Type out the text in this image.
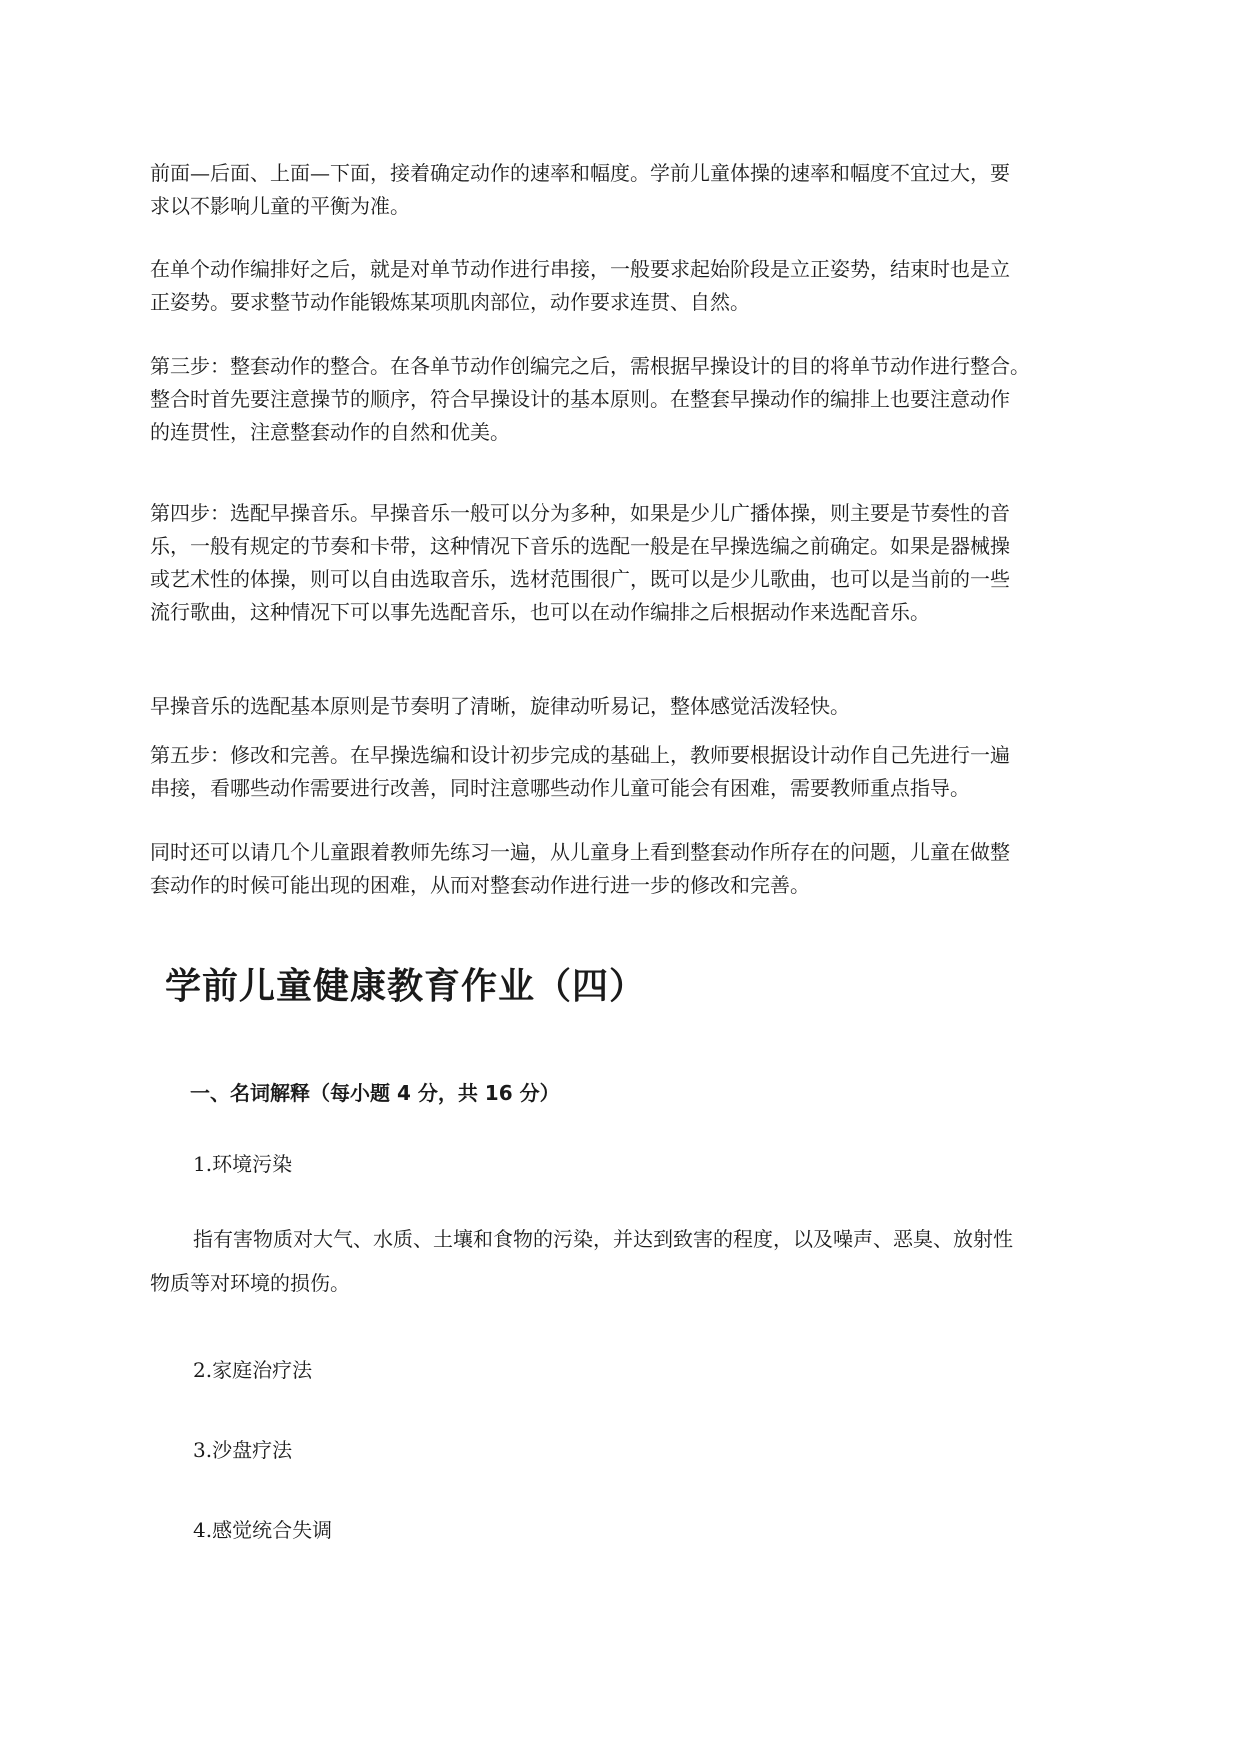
前面—后面、上面—下面，接着确定动作的速率和幅度。学前儿童体操的速率和幅度不宜过大，要
求以不影响儿童的平衡为准。

在单个动作编排好之后，就是对单节动作进行串接，一般要求起始阶段是立正姿势，结束时也是立
正姿势。要求整节动作能锻炼某项肌肉部位，动作要求连贯、自然。

第三步：整套动作的整合。在各单节动作创编完之后，需根据早操设计的目的将单节动作进行整合。
整合时首先要注意操节的顺序，符合早操设计的基本原则。在整套早操动作的编排上也要注意动作
的连贯性，注意整套动作的自然和优美。

第四步：选配早操音乐。早操音乐一般可以分为多种，如果是少儿广播体操，则主要是节奏性的音
乐，一般有规定的节奏和卡带，这种情况下音乐的选配一般是在早操选编之前确定。如果是器械操
或艺术性的体操，则可以自由选取音乐，选材范围很广，既可以是少儿歌曲，也可以是当前的一些
流行歌曲，这种情况下可以事先选配音乐，也可以在动作编排之后根据动作来选配音乐。

早操音乐的选配基本原则是节奏明了清晰，旋律动听易记，整体感觉活泼轻快。

第五步：修改和完善。在早操选编和设计初步完成的基础上，教师要根据设计动作自己先进行一遍
串接，看哪些动作需要进行改善，同时注意哪些动作儿童可能会有困难，需要教师重点指导。

同时还可以请几个儿童跟着教师先练习一遍，从儿童身上看到整套动作所存在的问题，儿童在做整
套动作的时候可能出现的困难，从而对整套动作进行进一步的修改和完善。

学前儿童健康教育作业（四）
一、名词解释（每小题 4 分，共 16 分）

1.环境污染

指有害物质对大气、水质、土壤和食物的污染，并达到致害的程度，以及噪声、恶臭、放射性
物质等对环境的损伤。

2.家庭治疗法

3.沙盘疗法

4.感觉统合失调
